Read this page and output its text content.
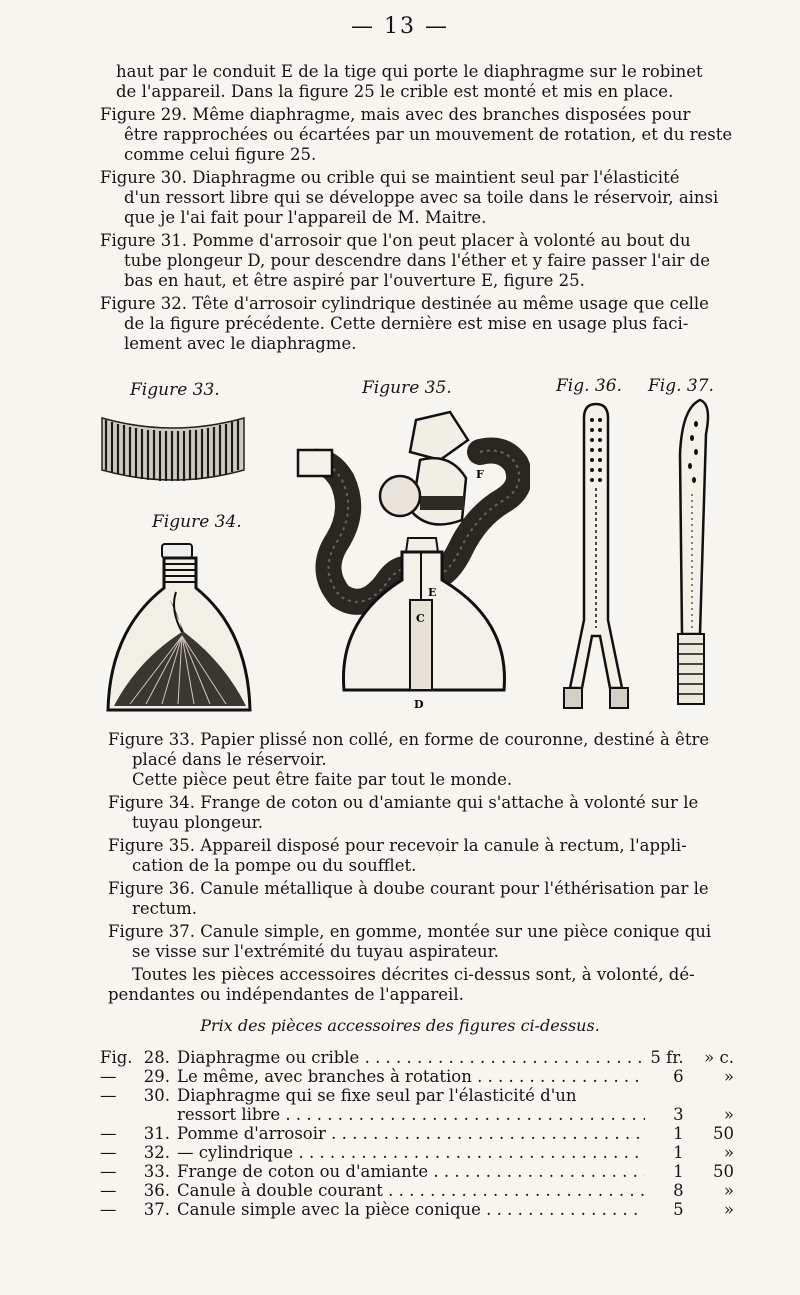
— 13 —
haut par le conduit E de la tige qui porte le diaphragme sur le robinet
de l'appareil. Dans la figure 25 le crible est monté et mis en place.
Figure 29. Même diaphragme, mais avec des branches disposées pour
être rapprochées ou écartées par un mouvement de rotation, et du reste
comme celui figure 25.
Figure 30. Diaphragme ou crible qui se maintient seul par l'élasticité
d'un ressort libre qui se développe avec sa toile dans le réservoir, ainsi
que je l'ai fait pour l'appareil de M. Maitre.
Figure 31. Pomme d'arrosoir que l'on peut placer à volonté au bout du
tube plongeur D, pour descendre dans l'éther et y faire passer l'air de
bas en haut, et être aspiré par l'ouverture E, figure 25.
Figure 32. Tête d'arrosoir cylindrique destinée au même usage que celle
de la figure précédente. Cette dernière est mise en usage plus faci-
lement avec le diaphragme.
Figure 33.	Figure 35.	Fig. 36. Fig. 37.
Figure 34.
F
E
C
D
Figure 33. Papier plissé non collé, en forme de couronne, destiné à être
placé dans le réservoir.
Cette pièce peut être faite par tout le monde.
Figure 34. Frange de coton ou d'amiante qui s'attache à volonté sur le
tuyau plongeur.
Figure 35. Appareil disposé pour recevoir la canule à rectum, l'appli-
cation de la pompe ou du soufflet.
Figure 36. Canule métallique à doube courant pour l'éthérisation par le
rectum.
Figure 37. Canule simple, en gomme, montée sur une pièce conique qui
se visse sur l'extrémité du tuyau aspirateur.
Toutes les pièces accessoires décrites ci-dessus sont, à volonté, dé-
pendantes ou indépendantes de l'appareil.
Prix des pièces accessoires des figures ci-dessus.
Fig.	28.	Diaphragme ou crible . . .	5 fr.	» c.
—	29.	Le même, avec branches à rotation . . .	6	»
—	30.	Diaphragme qui se fixe seul par l'élasticité d'un		

		ressort libre . . .	3	»
—	31.	Pomme d'arrosoir . . .	1	50
—	32.	— cylindrique . . .	1	»
—	33.	Frange de coton ou d'amiante . . .	1	50
—	36.	Canule à double courant . . .	8	»
—	37.	Canule simple avec la pièce conique . . .	5	»
